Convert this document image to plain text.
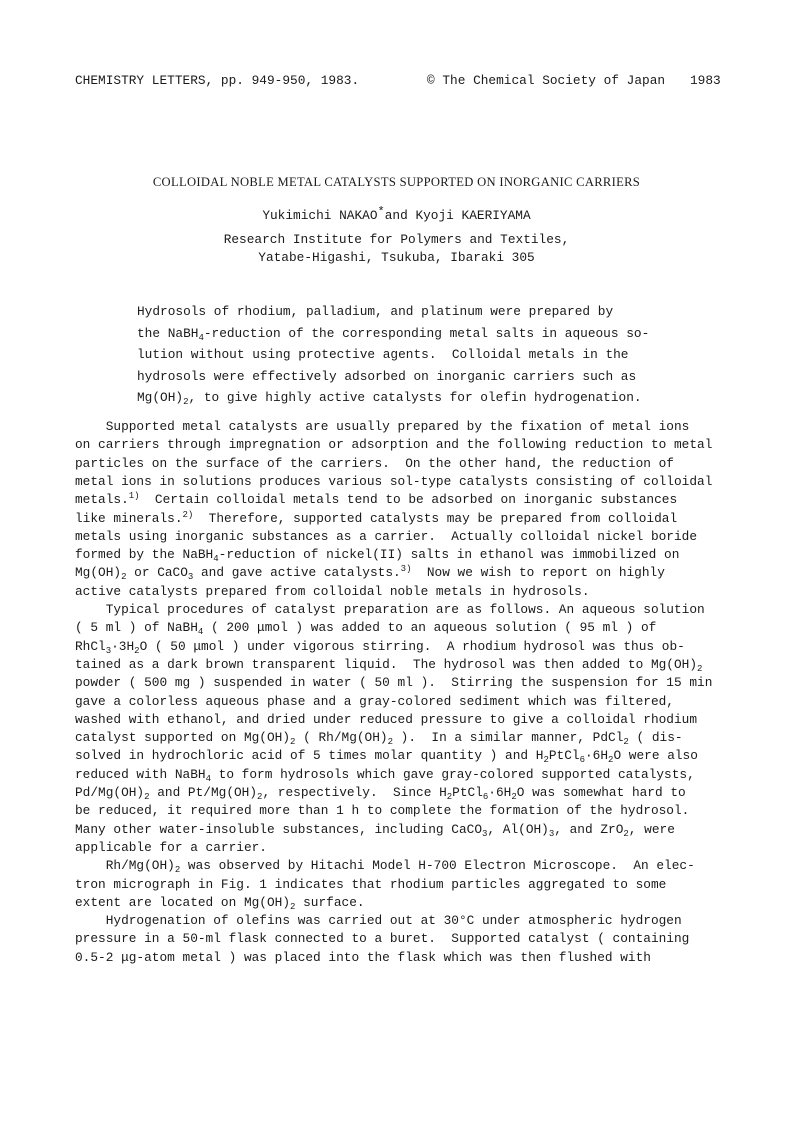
CHEMISTRY LETTERS, pp. 949-950, 1983.	© The Chemical Society of Japan 1983
COLLOIDAL NOBLE METAL CATALYSTS SUPPORTED ON INORGANIC CARRIERS
Yukimichi NAKAO*and Kyoji KAERIYAMA
Research Institute for Polymers and Textiles,
Yatabe-Higashi, Tsukuba, Ibaraki 305
Hydrosols of rhodium, palladium, and platinum were prepared by
the NaBH$_4$-reduction of the corresponding metal salts in aqueous so-
lution without using protective agents.  Colloidal metals in the
hydrosols were effectively adsorbed on inorganic carriers such as
$Mg(OH)_2$, to give highly active catalysts for olefin hydrogenation.
Supported metal catalysts are usually prepared by the fixation of metal ions
on carriers through impregnation or adsorption and the following reduction to metal
particles on the surface of the carriers.  On the other hand, the reduction of
metal ions in solutions produces various sol-type catalysts consisting of colloidal
metals.$^{1)}$  Certain colloidal metals tend to be adsorbed on inorganic substances
like minerals.$^{2)}$  Therefore, supported catalysts may be prepared from colloidal
metals using inorganic substances as a carrier.  Actually colloidal nickel boride
formed by the NaBH$_4$-reduction of nickel(II) salts in ethanol was immobilized on
$Mg(OH)_2$ or CaCO$_3$ and gave active catalysts.$^{3)}$  Now we wish to report on highly
active catalysts prepared from colloidal noble metals in hydrosols.
Typical procedures of catalyst preparation are as follows. An aqueous solution
( 5 ml ) of NaBH$_4$ ( 200 μmol ) was added to an aqueous solution ( 95 ml ) of
$RhCl_3\cdot 3H_2O$ ( 50 μmol ) under vigorous stirring.  A rhodium hydrosol was thus ob-
tained as a dark brown transparent liquid.  The hydrosol was then added to $Mg(OH)_2$
powder ( 500 mg ) suspended in water ( 50 ml ).  Stirring the suspension for 15 min
gave a colorless aqueous phase and a gray-colored sediment which was filtered,
washed with ethanol, and dried under reduced pressure to give a colloidal rhodium
catalyst supported on $Mg(OH)_2$ ( $Rh/Mg(OH)_2$ ).  In a similar manner, PdCl$_2$ ( dis-
solved in hydrochloric acid of 5 times molar quantity ) and $H_2PtCl_6\cdot 6H_2O$ were also
reduced with NaBH$_4$ to form hydrosols which gave gray-colored supported catalysts,
$Pd/Mg(OH)_2$ and $Pt/Mg(OH)_2$, respectively.  Since $H_2PtCl_6\cdot 6H_2O$ was somewhat hard to
be reduced, it required more than 1 h to complete the formation of the hydrosol.
Many other water-insoluble substances, including CaCO$_3$, $Al(OH)_3$, and ZrO$_2$, were
applicable for a carrier.
$Rh/Mg(OH)_2$ was observed by Hitachi Model H-700 Electron Microscope.  An elec-
tron micrograph in Fig. 1 indicates that rhodium particles aggregated to some
extent are located on $Mg(OH)_2$ surface.
Hydrogenation of olefins was carried out at 30°C under atmospheric hydrogen
pressure in a 50-ml flask connected to a buret.  Supported catalyst ( containing
0.5-2 μg-atom metal ) was placed into the flask which was then flushed with
